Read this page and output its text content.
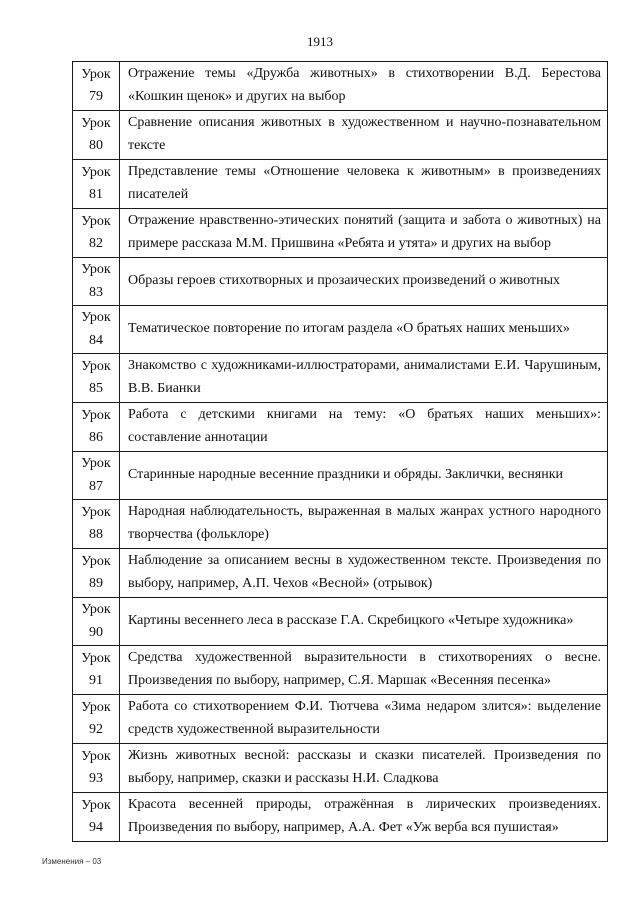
1913
Урок 79	Отражение темы «Дружба животных» в стихотворении В.Д. Берестова «Кошкин щенок» и других на выбор
Урок 80	Сравнение описания животных в художественном и научно-познавательном тексте
Урок 81	Представление темы «Отношение человека к животным» в произведениях писателей
Урок 82	Отражение нравственно-этических понятий (защита и забота о животных) на примере рассказа М.М. Пришвина «Ребята и утята» и других на выбор
Урок 83	Образы героев стихотворных и прозаических произведений о животных
Урок 84	Тематическое повторение по итогам раздела «О братьях наших меньших»
Урок 85	Знакомство с художниками-иллюстраторами, анималистами Е.И. Чарушиным, В.В. Бианки
Урок 86	Работа с детскими книгами на тему: «О братьях наших меньших»: составление аннотации
Урок 87	Старинные народные весенние праздники и обряды. Заклички, веснянки
Урок 88	Народная наблюдательность, выраженная в малых жанрах устного народного творчества (фольклоре)
Урок 89	Наблюдение за описанием весны в художественном тексте. Произведения по выбору, например, А.П. Чехов «Весной» (отрывок)
Урок 90	Картины весеннего леса в рассказе Г.А. Скребицкого «Четыре художника»
Урок 91	Средства художественной выразительности в стихотворениях о весне. Произведения по выбору, например, С.Я. Маршак «Весенняя песенка»
Урок 92	Работа со стихотворением Ф.И. Тютчева «Зима недаром злится»: выделение средств художественной выразительности
Урок 93	Жизнь животных весной: рассказы и сказки писателей. Произведения по выбору, например, сказки и рассказы Н.И. Сладкова
Урок 94	Красота весенней природы, отражённая в лирических произведениях. Произведения по выбору, например, А.А. Фет «Уж верба вся пушистая»
Изменения – 03
